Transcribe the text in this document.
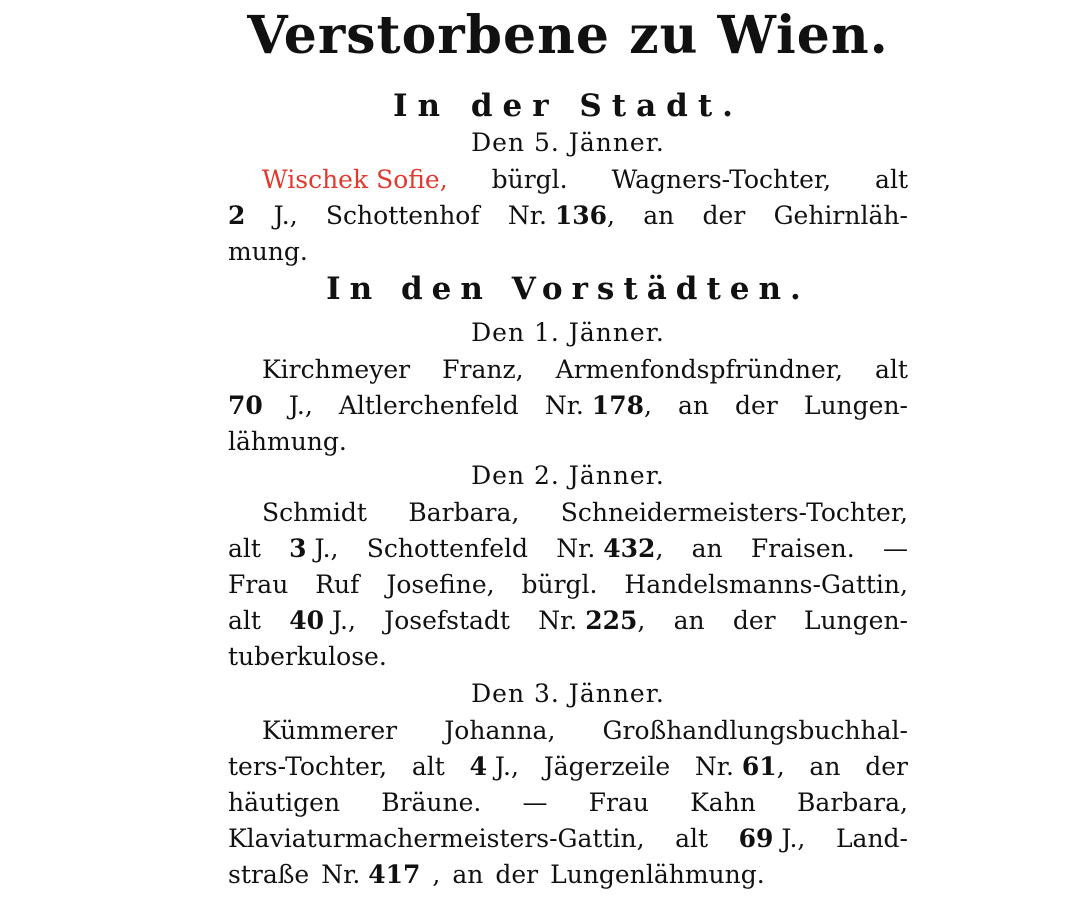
Verstorbene zu Wien.
In der Stadt.
Den 5. Jänner.
Wischek Sofie, bürgl. Wagners-Tochter, alt
2 J., Schottenhof Nr. 136, an der Gehirnläh-
mung.
In den Vorstädten.
Den 1. Jänner.
Kirchmeyer Franz, Armenfondspfründner, alt
70 J., Altlerchenfeld Nr. 178, an der Lungen-
lähmung.
Den 2. Jänner.
Schmidt Barbara, Schneidermeisters-Tochter,
alt 3 J., Schottenfeld Nr. 432, an Fraisen. —
Frau Ruf Josefine, bürgl. Handelsmanns-Gattin,
alt 40 J., Josefstadt Nr. 225, an der Lungen-
tuberkulose.
Den 3. Jänner.
Kümmerer Johanna, Großhandlungsbuchhal-
ters-Tochter, alt 4 J., Jägerzeile Nr. 61, an der
häutigen Bräune. — Frau Kahn Barbara,
Klaviaturmachermeisters-Gattin, alt 69 J., Land-
straße Nr. 417 , an der Lungenlähmung.
